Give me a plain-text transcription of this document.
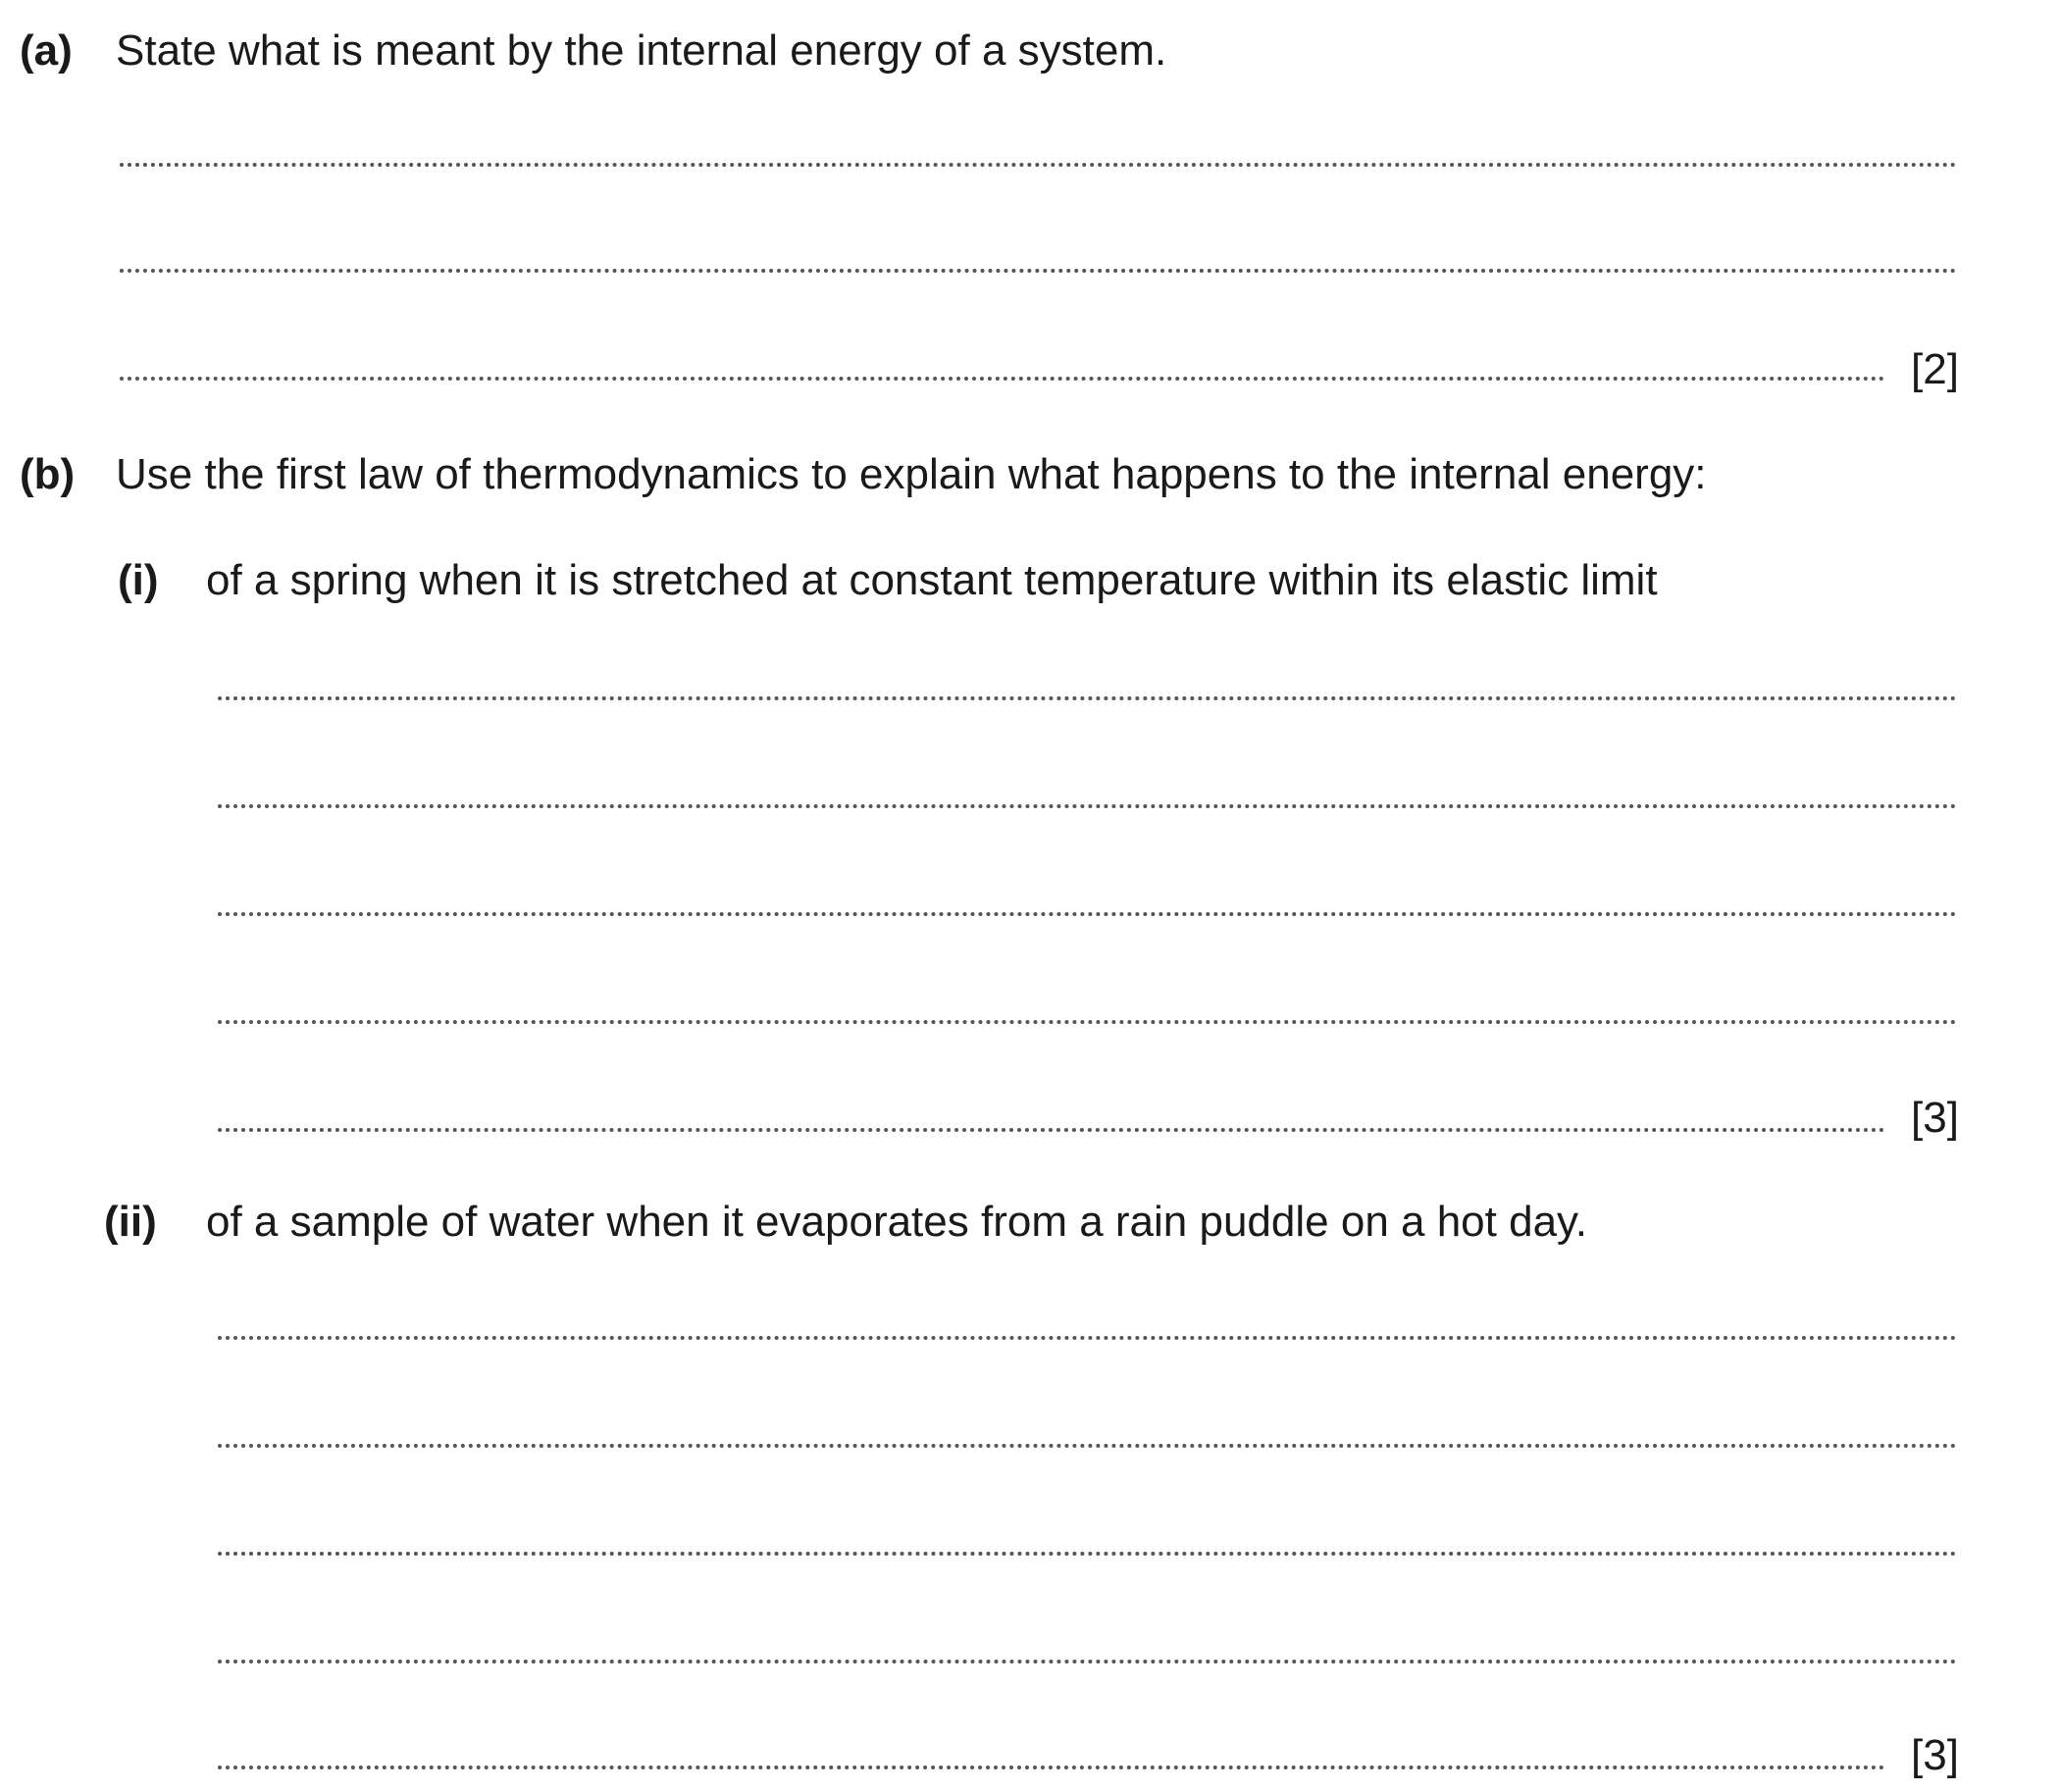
(a) State what is meant by the internal energy of a system.
[2]
(b) Use the first law of thermodynamics to explain what happens to the internal energy:
(i) of a spring when it is stretched at constant temperature within its elastic limit
[3]
(ii) of a sample of water when it evaporates from a rain puddle on a hot day.
[3]
